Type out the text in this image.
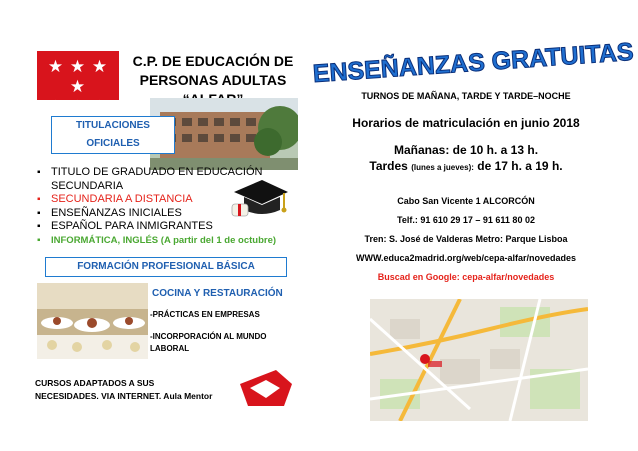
★ ★ ★ ★
★ ★ ★
C.P. DE EDUCACIÓN DE
PERSONAS ADULTAS
TITULACIONES
OFICIALES
▪ TITULO DE GRADUADO EN EDUCACIÓN SECUNDARIA
▪ SECUNDARIA A DISTANCIA
▪ ENSEÑANZAS INICIALES
▪ ESPAÑOL PARA INMIGRANTES
▪ INFORMÁTICA, INGLÉS (A partir del 1 de octubre)
FORMACIÓN PROFESIONAL BÁSICA
COCINA Y RESTAURACIÓN
-PRÁCTICAS EN EMPRESAS
-INCORPORACIÓN AL MUNDO
LABORAL
CURSOS ADAPTADOS A SUS
NECESIDADES. VIA INTERNET. Aula Mentor
ENSEÑANZAS GRATUITAS
TURNOS DE MAÑANA, TARDE Y TARDE–NOCHE
Horarios de matriculación en junio 2018
Mañanas: de 10 h. a 13 h.
Tardes (lunes a jueves): de 17 h. a 19 h.
Cabo San Vicente 1 ALCORCÓN
Telf.: 91 610 29 17 – 91 611 80 02
Tren: S. José de Valderas Metro: Parque Lisboa
WWW.educa2madrid.org/web/cepa-alfar/novedades
Buscad en Google: cepa-alfar/novedades
